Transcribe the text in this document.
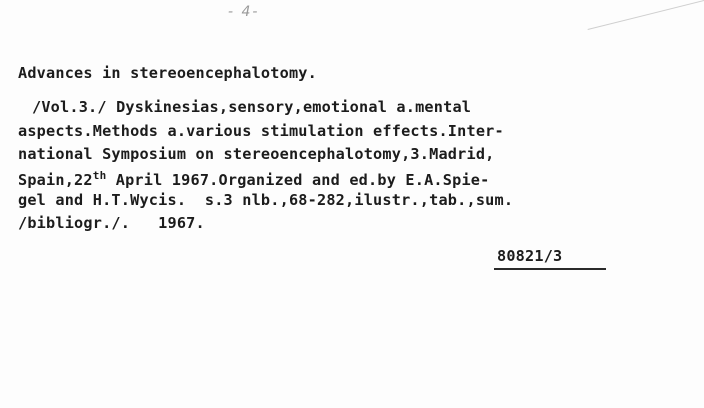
- 4-
Advances in stereoencephalotomy.
/Vol.3./ Dyskinesias,sensory,emotional a.mental
aspects.Methods a.various stimulation effects.Inter-
national Symposium on stereoencephalotomy,3.Madrid,
Spain,22th April 1967.Organized and ed.by E.A.Spie-
gel and H.T.Wycis.  s.3 nlb.,68-282,ilustr.,tab.,sum.
/bibliogr./.   1967.
80821/3
